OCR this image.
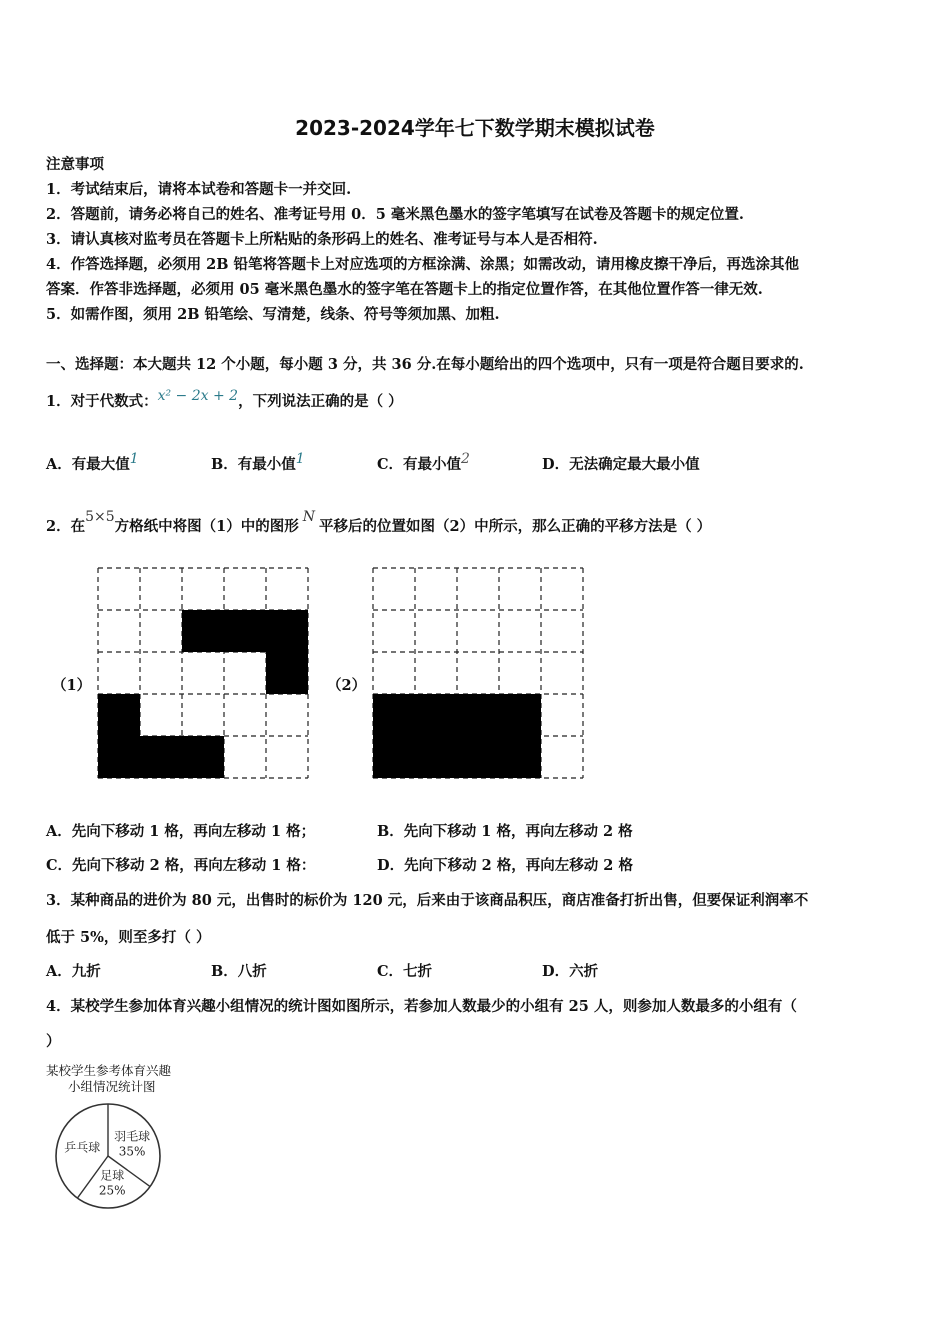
2023-2024学年七下数学期末模拟试卷
注意事项
1．考试结束后，请将本试卷和答题卡一并交回.
2．答题前，请务必将自己的姓名、准考证号用 0．5 毫米黑色墨水的签字笔填写在试卷及答题卡的规定位置.
3．请认真核对监考员在答题卡上所粘贴的条形码上的姓名、准考证号与本人是否相符.
4．作答选择题，必须用 2B 铅笔将答题卡上对应选项的方框涂满、涂黑；如需改动，请用橡皮擦干净后，再选涂其他
答案．作答非选择题，必须用 05 毫米黑色墨水的签字笔在答题卡上的指定位置作答，在其他位置作答一律无效.
5．如需作图，须用 2B 铅笔绘、写清楚，线条、符号等须加黑、加粗.
一、选择题：本大题共 12 个小题，每小题 3 分，共 36 分.在每小题给出的四个选项中，只有一项是符合题目要求的.
1．对于代数式：x² − 2x + 2，下列说法正确的是（ ）
A．有最大值1	B．有最小值1	C．有最小值2	D．无法确定最大最小值
2．在5×5方格纸中将图（1）中的图形N平移后的位置如图（2）中所示，那么正确的平移方法是（ ）
（1）	（2）
A．先向下移动 1 格，再向左移动 1 格；	B．先向下移动 1 格，再向左移动 2 格
C．先向下移动 2 格，再向左移动 1 格：	D．先向下移动 2 格，再向左移动 2 格
3．某种商品的进价为 80 元，出售时的标价为 120 元，后来由于该商品积压，商店准备打折出售，但要保证利润率不
低于 5%，则至多打（ ）
A．九折	B．八折	C．七折	D．六折
4．某校学生参加体育兴趣小组情况的统计图如图所示，若参加人数最少的小组有 25 人，则参加人数最多的小组有（
）
某校学生参考体育兴趣
小组情况统计图
乒乓球
羽毛球
35%
足球
25%
